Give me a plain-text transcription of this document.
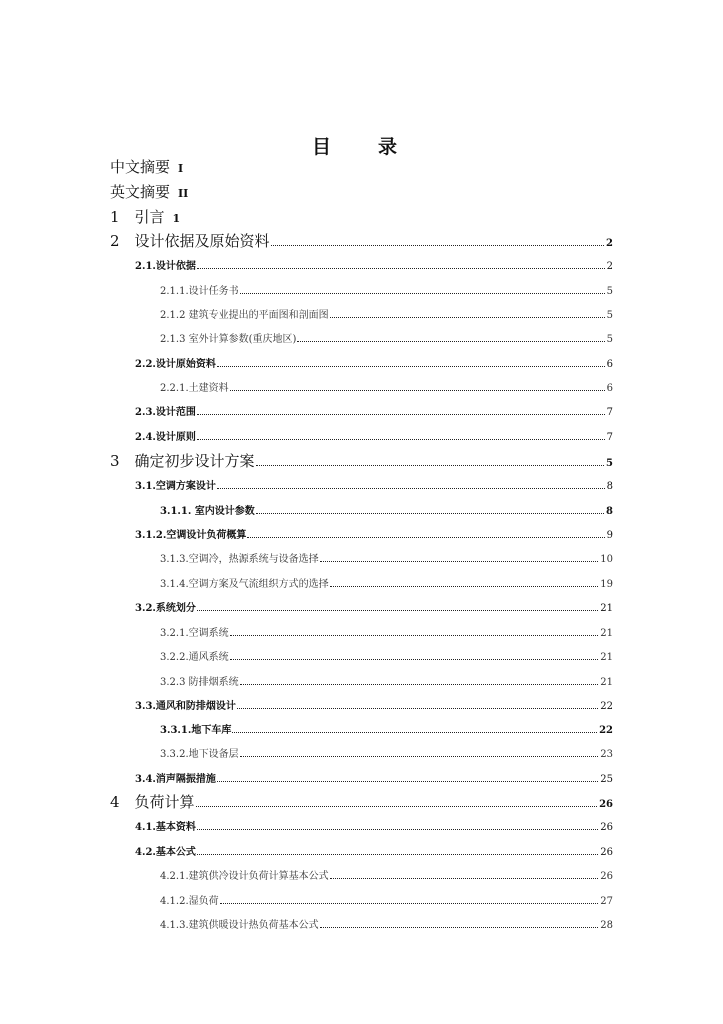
目　录
中文摘要 I
英文摘要 II
1　引言 1
2　设计依据及原始资料	2
2.1.设计依据	2
2.1.1.设计任务书	5
2.1.2 建筑专业提出的平面图和剖面图	5
2.1.3 室外计算参数(重庆地区)	5
2.2.设计原始资料	6
2.2.1.土建资料	6
2.3.设计范围	7
2.4.设计原则	7
3　确定初步设计方案	5
3.1.空调方案设计	8
3.1.1. 室内设计参数	8
3.1.2.空调设计负荷概算	9
3.1.3.空调冷，热源系统与设备选择	10
3.1.4.空调方案及气流组织方式的选择	19
3.2.系统划分	21
3.2.1.空调系统	21
3.2.2.通风系统	21
3.2.3 防排烟系统	21
3.3.通风和防排烟设计	22
3.3.1.地下车库	22
3.3.2.地下设备层	23
3.4.消声隔振措施	25
4　负荷计算	26
4.1.基本资料	26
4.2.基本公式	26
4.2.1.建筑供冷设计负荷计算基本公式	26
4.1.2.湿负荷	27
4.1.3.建筑供暖设计热负荷基本公式	28
